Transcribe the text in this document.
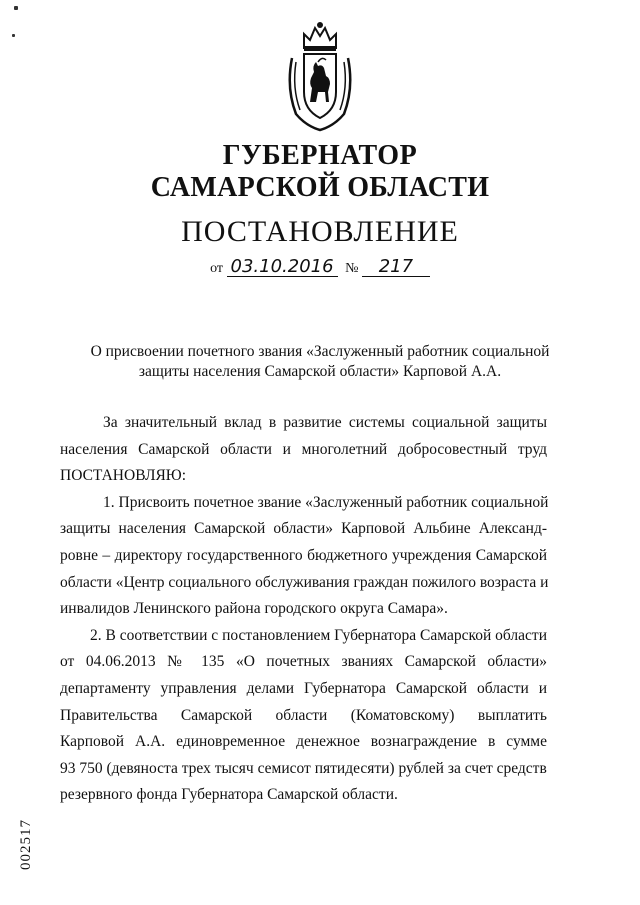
ГУБЕРНАТОР
САМАРСКОЙ ОБЛАСТИ
ПОСТАНОВЛЕНИЕ
от 03.10.2016 № 217
О присвоении почетного звания «Заслуженный работник социальной
защиты населения Самарской области» Карповой А.А.
За значительный вклад в развитие системы социальной защиты
населения Самарской области и многолетний добросовестный труд
ПОСТАНОВЛЯЮ:
1. Присвоить почетное звание «Заслуженный работник социальной
защиты населения Самарской области» Карповой Альбине Александ-
ровне – директору государственного бюджетного учреждения Самарской
области «Центр социального обслуживания граждан пожилого возраста и
инвалидов Ленинского района городского округа Самара».
2. В соответствии с постановлением Губернатора Самарской области
от 04.06.2013 № 135 «О почетных званиях Самарской области»
департаменту управления делами Губернатора Самарской области и
Правительства Самарской области (Коматовскому) выплатить
Карповой А.А. единовременное денежное вознаграждение в сумме
93 750 (девяноста трех тысяч семисот пятидесяти) рублей за счет средств
резервного фонда Губернатора Самарской области.
002517
